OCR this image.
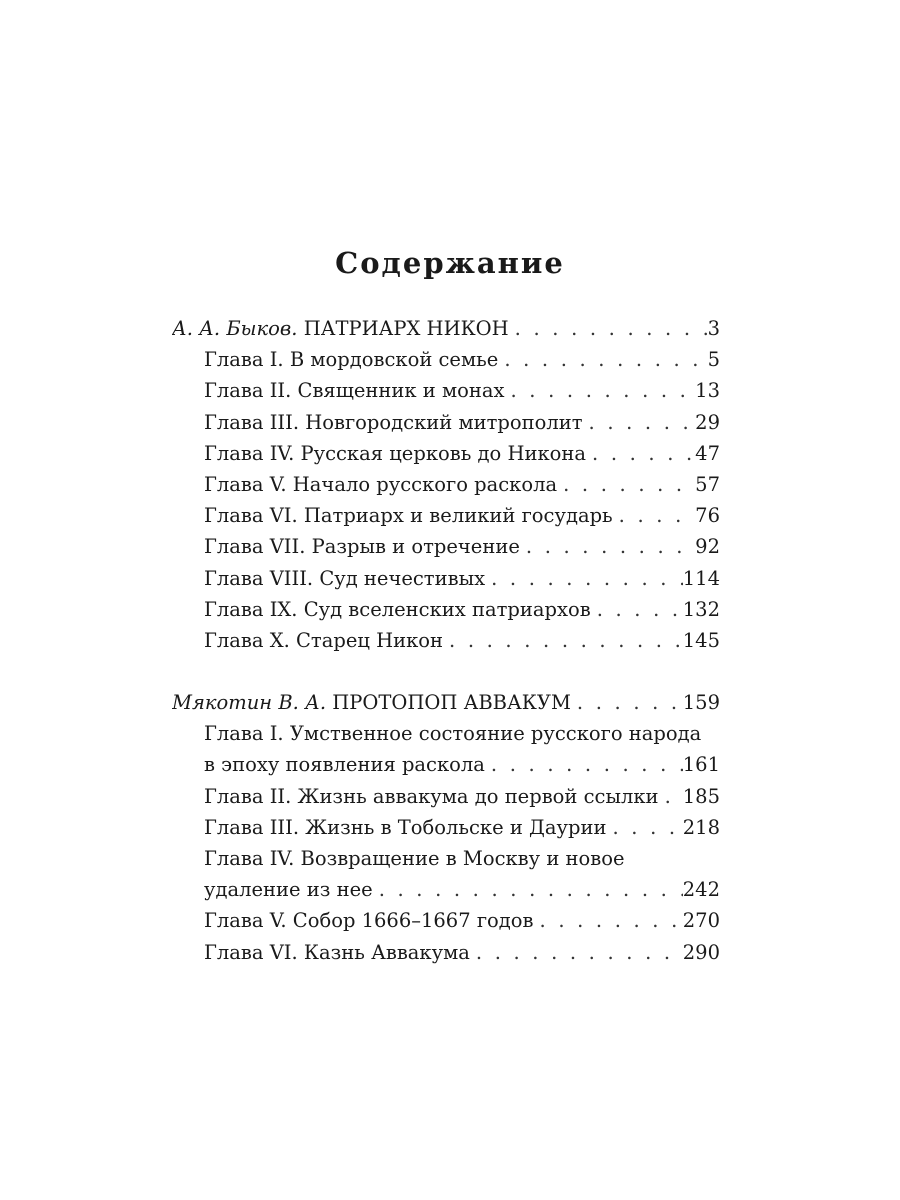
Содержание
А. А. Быков. ПАТРИАРХ НИКОН . . .	3
Глава I. В мордовской семье . . .	5
Глава II. Священник и монах . . .	13
Глава III. Новгородский митрополит . . .	29
Глава IV. Русская церковь до Никона . . .	47
Глава V. Начало русского раскола . . .	57
Глава VI. Патриарх и великий государь . . .	76
Глава VII. Разрыв и отречение . . .	92
Глава VIII. Суд нечестивых . . .	114
Глава IX. Суд вселенских патриархов . . .	132
Глава X. Старец Никон . . .	145
Мякотин В. А. ПРОТОПОП АВВАКУМ . . .	159
Глава I. Умственное состояние русского народа
в эпоху появления раскола . . .	161
Глава II. Жизнь аввакума до первой ссылки . . . 185
Глава III. Жизнь в Тобольске и Даурии . . .	218
Глава IV. Возвращение в Москву и новое
удаление из нее . . .	242
Глава V. Собор 1666–1667 годов . . .	270
Глава VI. Казнь Аввакума . . .	290
